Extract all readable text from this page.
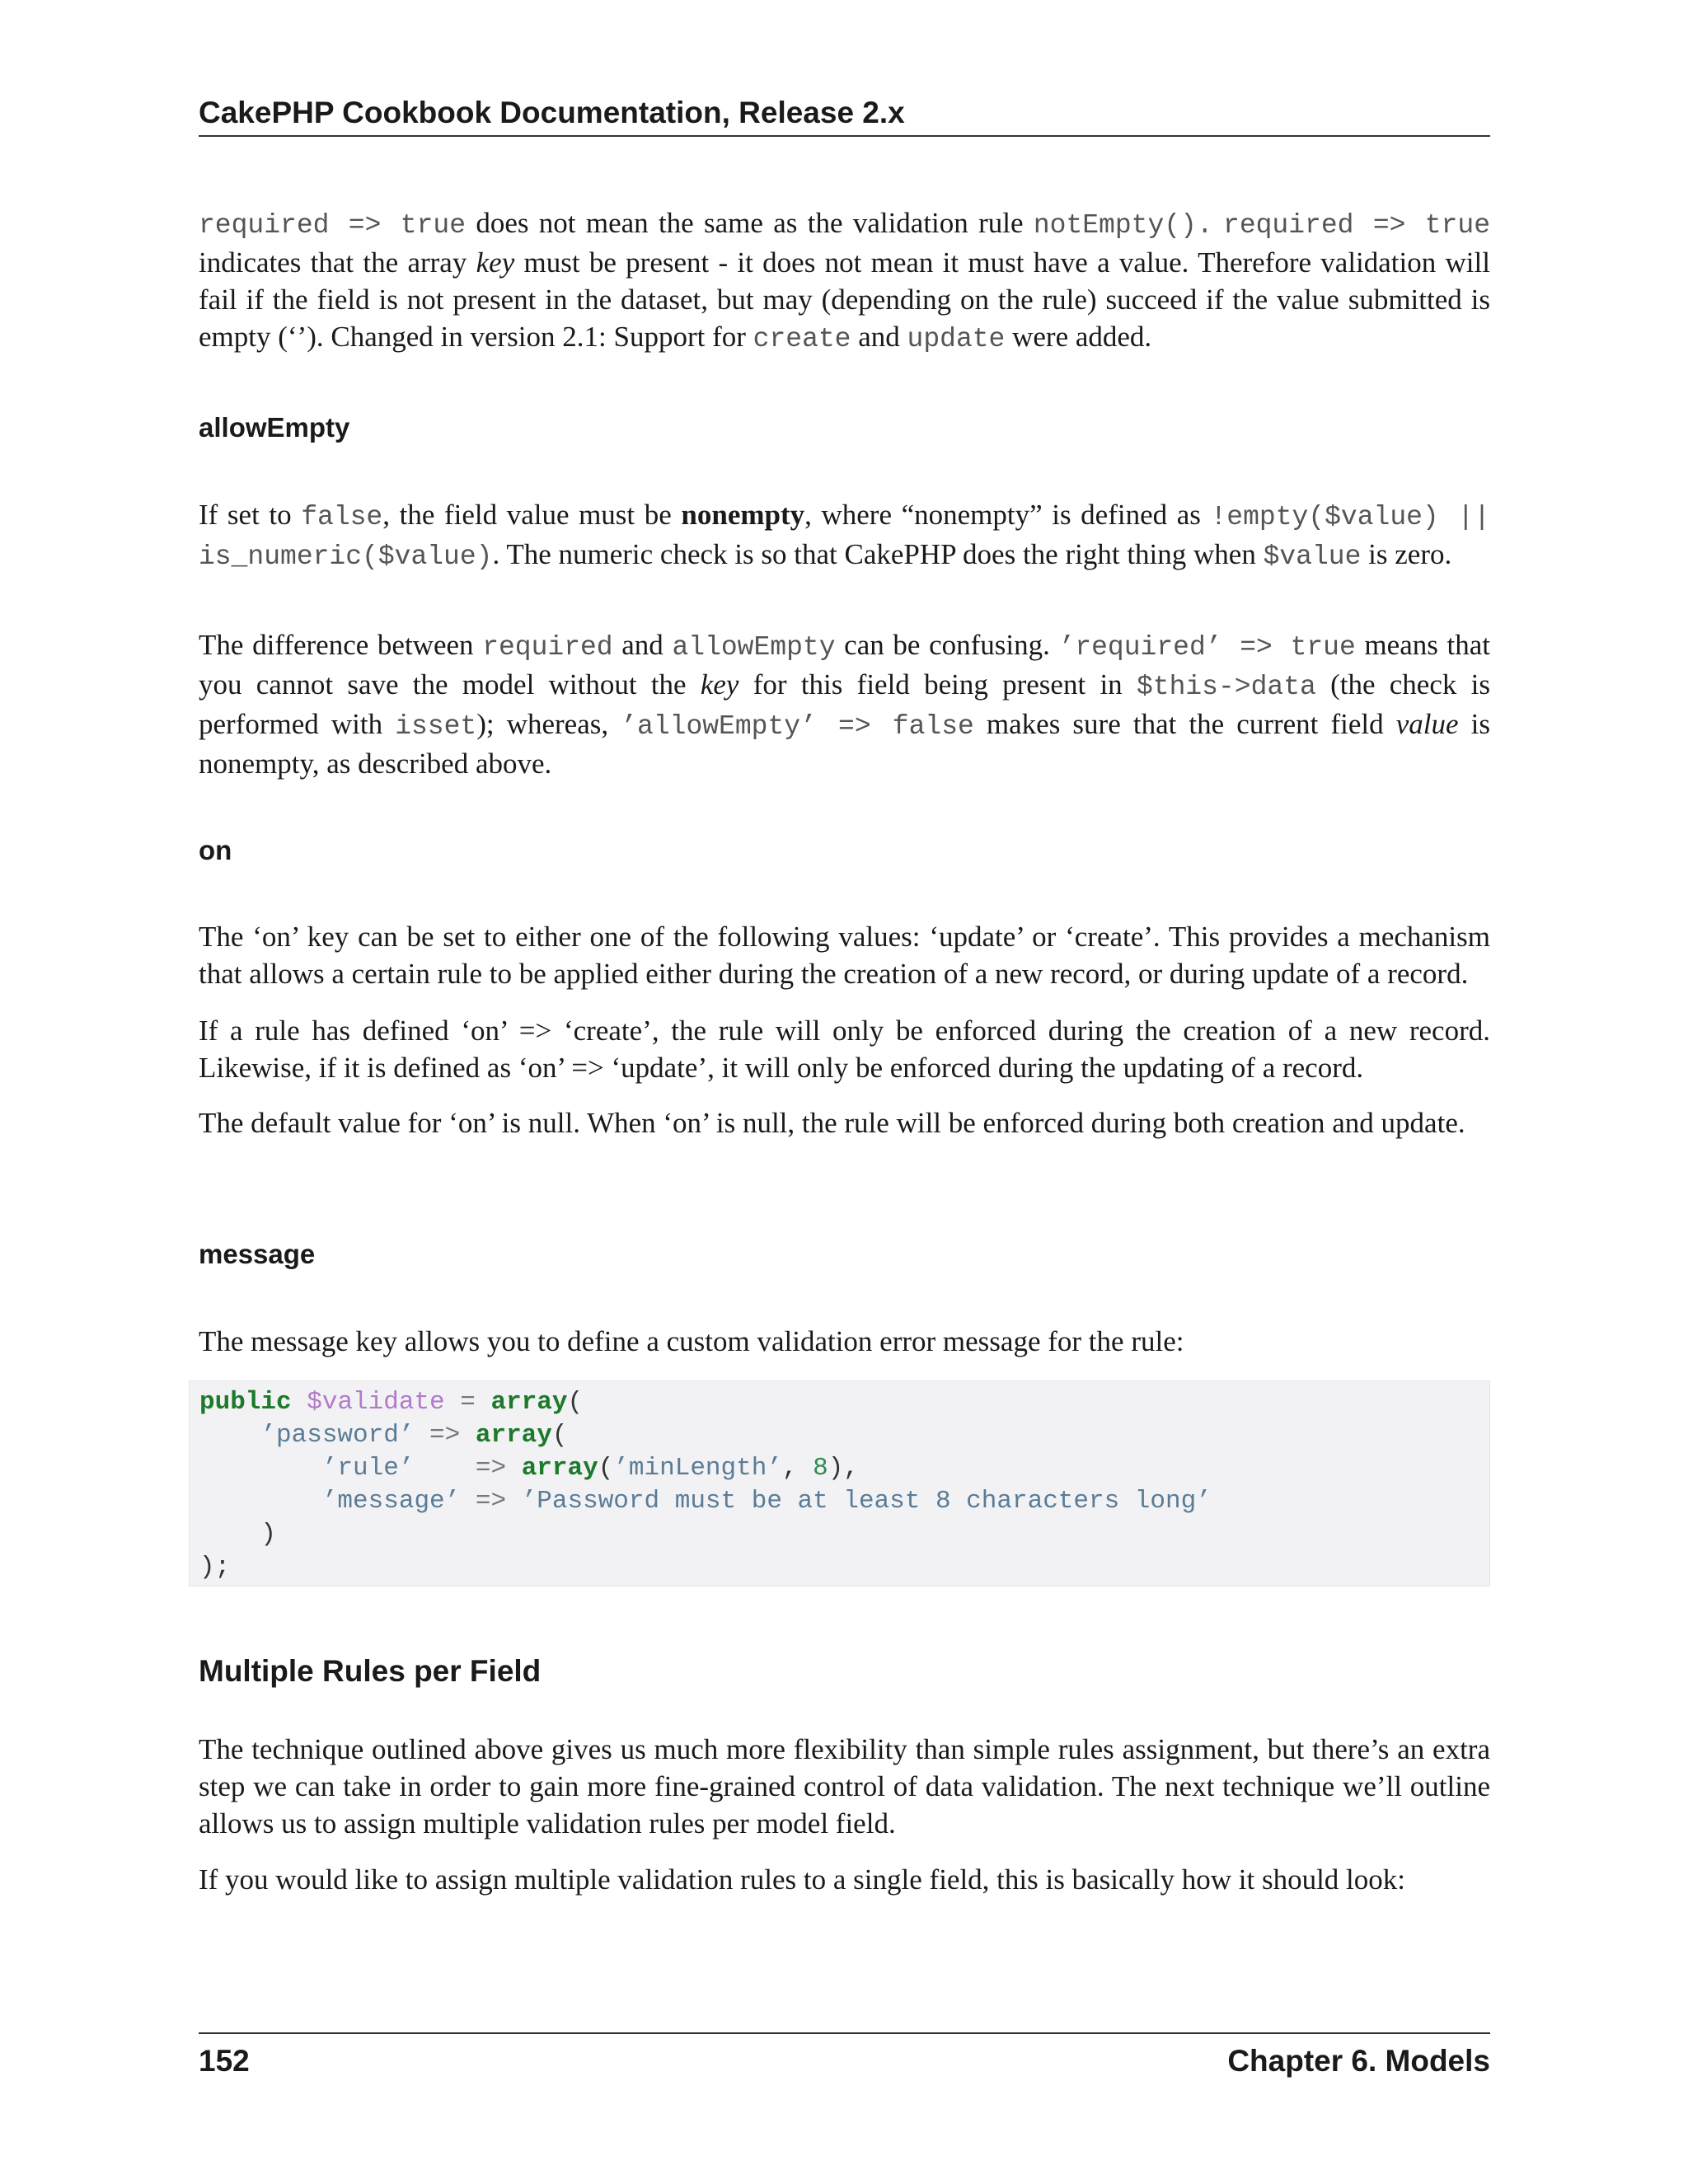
CakePHP Cookbook Documentation, Release 2.x

required => true does not mean the same as the validation rule notEmpty(). required => true indicates that the array key must be present - it does not mean it must have a value. Therefore validation will fail if the field is not present in the dataset, but may (depending on the rule) succeed if the value submitted is empty (‘’). Changed in version 2.1: Support for create and update were added.

allowEmpty

If set to false, the field value must be nonempty, where “nonempty” is defined as !empty($value) || is_numeric($value). The numeric check is so that CakePHP does the right thing when $value is zero.

The difference between required and allowEmpty can be confusing. ’required’ => true means that you cannot save the model without the key for this field being present in $this->data (the check is performed with isset); whereas, ’allowEmpty’ => false makes sure that the current field value is nonempty, as described above.

on

The ‘on’ key can be set to either one of the following values: ‘update’ or ‘create’. This provides a mechanism that allows a certain rule to be applied either during the creation of a new record, or during update of a record.

If a rule has defined ‘on’ => ‘create’, the rule will only be enforced during the creation of a new record. Likewise, if it is defined as ‘on’ => ‘update’, it will only be enforced during the updating of a record.

The default value for ‘on’ is null. When ‘on’ is null, the rule will be enforced during both creation and update.

message

The message key allows you to define a custom validation error message for the rule:

public $validate = array(
’password’ => array(
’rule’    => array(’minLength’, 8),
’message’ => ’Password must be at least 8 characters long’
)
);
Multiple Rules per Field

The technique outlined above gives us much more flexibility than simple rules assignment, but there’s an extra step we can take in order to gain more fine-grained control of data validation. The next technique we’ll outline allows us to assign multiple validation rules per model field.

If you would like to assign multiple validation rules to a single field, this is basically how it should look:

152	Chapter 6. Models
